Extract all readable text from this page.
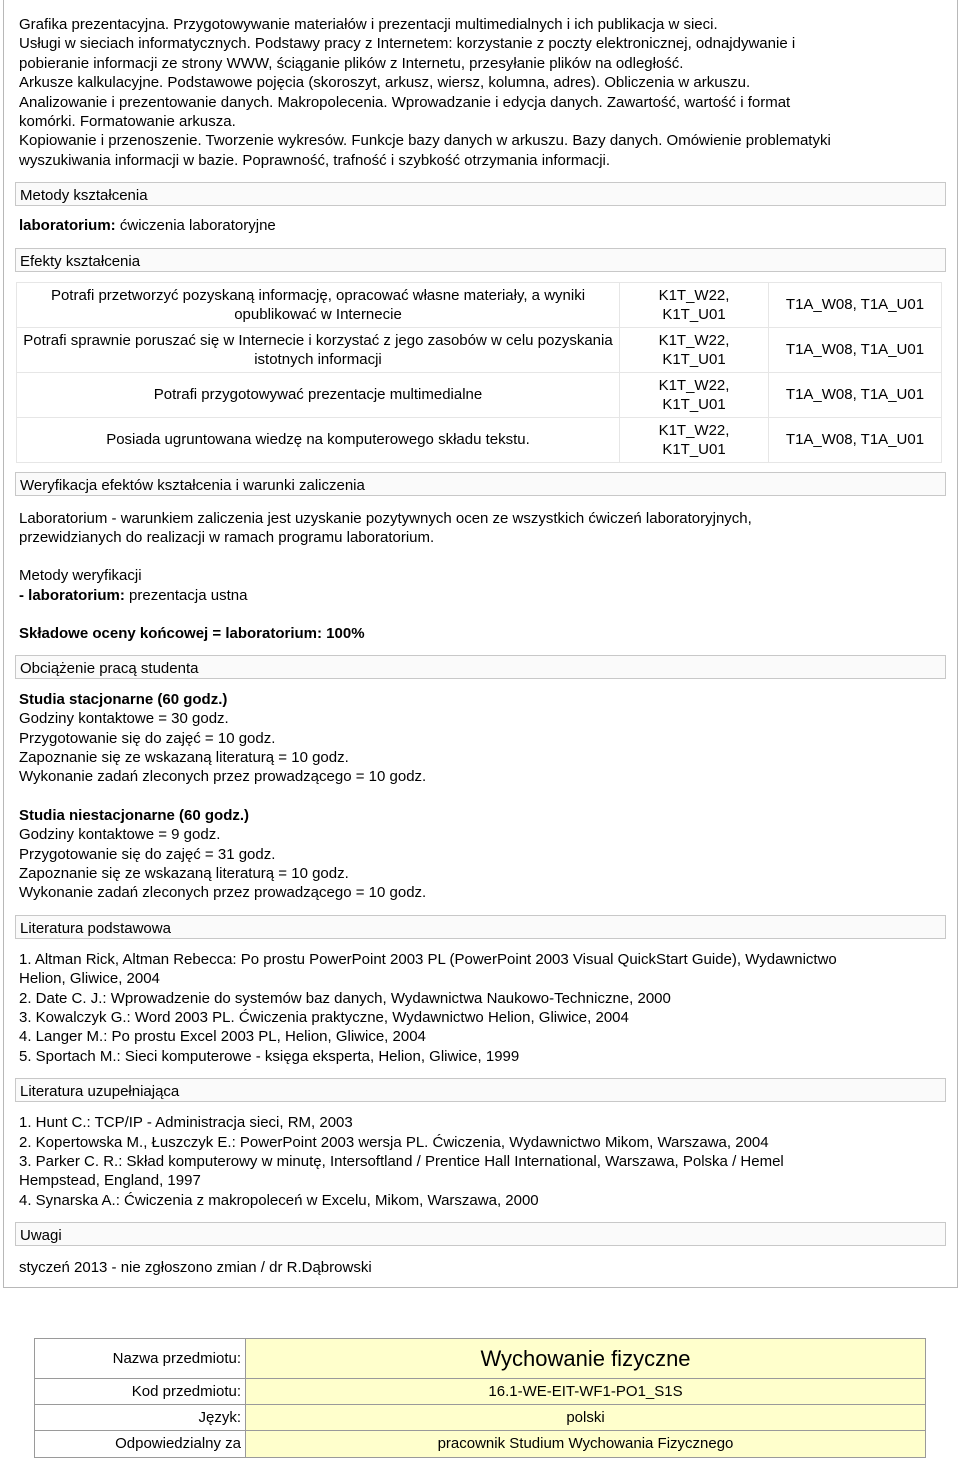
Grafika prezentacyjna. Przygotowywanie materiałów i prezentacji multimedialnych i ich publikacja w sieci.
Usługi w sieciach informatycznych. Podstawy pracy z Internetem: korzystanie z poczty elektronicznej, odnajdywanie i
pobieranie informacji ze strony WWW, ściąganie plików z Internetu, przesyłanie plików na odległość.
Arkusze kalkulacyjne. Podstawowe pojęcia (skoroszyt, arkusz, wiersz, kolumna, adres). Obliczenia w arkuszu.
Analizowanie i prezentowanie danych. Makropolecenia. Wprowadzanie i edycja danych. Zawartość, wartość i format
komórki. Formatowanie arkusza.
Kopiowanie i przenoszenie. Tworzenie wykresów. Funkcje bazy danych w arkuszu. Bazy danych. Omówienie problematyki
wyszukiwania informacji w bazie. Poprawność, trafność i szybkość otrzymania informacji.
Metody kształcenia
laboratorium: ćwiczenia laboratoryjne
Efekty kształcenia
Potrafi przetworzyć pozyskaną informację, opracować własne materiały, a wyniki opublikować w Internecie	K1T_W22, K1T_U01	T1A_W08, T1A_U01
Potrafi sprawnie poruszać się w Internecie i korzystać z jego zasobów w celu pozyskania istotnych informacji	K1T_W22, K1T_U01	T1A_W08, T1A_U01
Potrafi przygotowywać prezentacje multimedialne	K1T_W22, K1T_U01	T1A_W08, T1A_U01
Posiada ugruntowana wiedzę na komputerowego składu tekstu.	K1T_W22, K1T_U01	T1A_W08, T1A_U01
Weryfikacja efektów kształcenia i warunki zaliczenia
Laboratorium - warunkiem zaliczenia jest uzyskanie pozytywnych ocen ze wszystkich ćwiczeń laboratoryjnych,
przewidzianych do realizacji w ramach programu laboratorium.
Metody weryfikacji
- laboratorium: prezentacja ustna
Składowe oceny końcowej = laboratorium: 100%
Obciążenie pracą studenta
Studia stacjonarne (60 godz.)
Godziny kontaktowe = 30 godz.
Przygotowanie się do zajęć = 10 godz.
Zapoznanie się ze wskazaną literaturą = 10 godz.
Wykonanie zadań zleconych przez prowadzącego = 10 godz.
Studia niestacjonarne (60 godz.)
Godziny kontaktowe = 9 godz.
Przygotowanie się do zajęć = 31 godz.
Zapoznanie się ze wskazaną literaturą = 10 godz.
Wykonanie zadań zleconych przez prowadzącego = 10 godz.
Literatura podstawowa
1. Altman Rick, Altman Rebecca: Po prostu PowerPoint 2003 PL (PowerPoint 2003 Visual QuickStart Guide), Wydawnictwo
Helion, Gliwice, 2004
2. Date C. J.: Wprowadzenie do systemów baz danych, Wydawnictwa Naukowo-Techniczne, 2000
3. Kowalczyk G.: Word 2003 PL. Ćwiczenia praktyczne, Wydawnictwo Helion, Gliwice, 2004
4. Langer M.: Po prostu Excel 2003 PL, Helion, Gliwice, 2004
5. Sportach M.: Sieci komputerowe - księga eksperta, Helion, Gliwice, 1999
Literatura uzupełniająca
1. Hunt C.: TCP/IP - Administracja sieci, RM, 2003
2. Kopertowska M., Łuszczyk E.: PowerPoint 2003 wersja PL. Ćwiczenia, Wydawnictwo Mikom, Warszawa, 2004
3. Parker C. R.: Skład komputerowy w minutę, Intersoftland / Prentice Hall International, Warszawa, Polska / Hemel
Hempstead, England, 1997
4. Synarska A.: Ćwiczenia z makropoleceń w Excelu, Mikom, Warszawa, 2000
Uwagi
styczeń 2013 - nie zgłoszono zmian / dr R.Dąbrowski
Nazwa przedmiotu:	Wychowanie fizyczne
Kod przedmiotu:	16.1-WE-EIT-WF1-PO1_S1S
Język:	polski
Odpowiedzialny za	pracownik Studium Wychowania Fizycznego
